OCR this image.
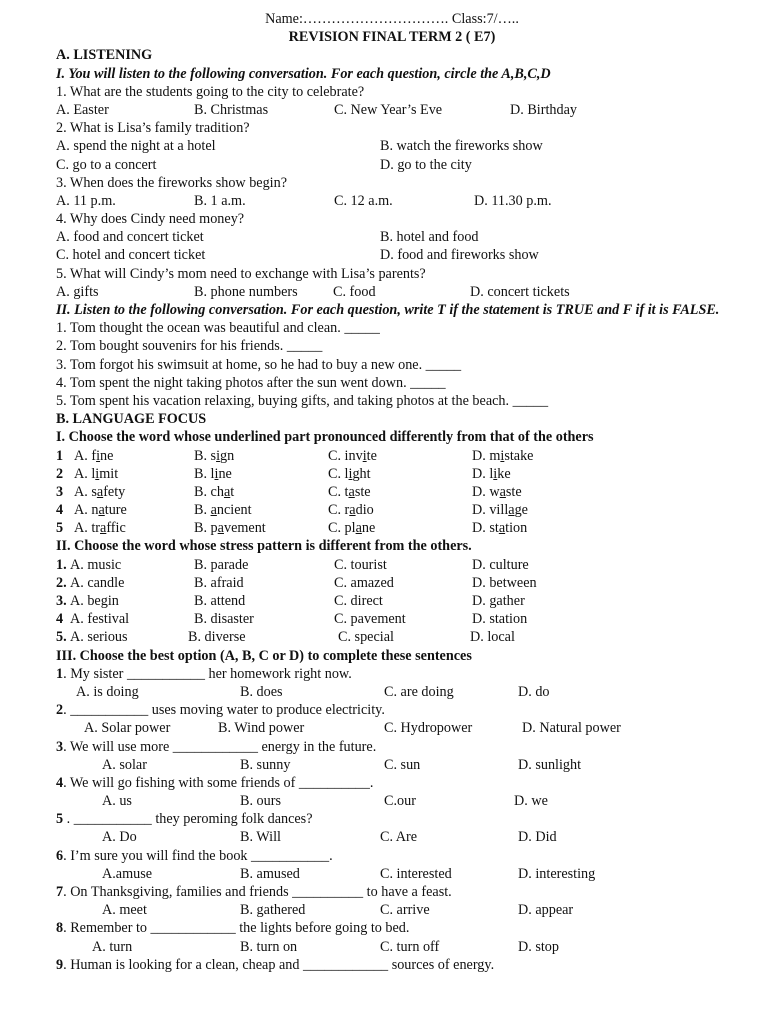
Name:…………………………. Class:7/…..
REVISION FINAL TERM 2 ( E7)
A. LISTENING
I. You will listen to the following conversation. For each question, circle the A,B,C,D
1. What are the students going to the city to celebrate?
A. Easter	B. Christmas	C. New Year’s Eve	D. Birthday
2. What is Lisa’s family tradition?
A. spend the night at a hotel	B. watch the fireworks show
C. go to a concert	D. go to the city
3. When does the fireworks show begin?
A. 11 p.m.	B. 1 a.m.	C. 12 a.m.	D. 11.30 p.m.
4. Why does Cindy need money?
A. food and concert ticket	B. hotel and food
C. hotel and concert ticket	D. food and fireworks show
5. What will Cindy’s mom need to exchange with Lisa’s parents?
A. gifts	B. phone numbers C. food	D. concert tickets
II. Listen to the following conversation. For each question, write T if the statement is TRUE and F if it is FALSE.
1. Tom thought the ocean was beautiful and clean. _____
2. Tom bought souvenirs for his friends. _____
3. Tom forgot his swimsuit at home, so he had to buy a new one. _____
4. Tom spent the night taking photos after the sun went down. _____
5. Tom spent his vacation relaxing, buying gifts, and taking photos at the beach. _____
B. LANGUAGE FOCUS
I. Choose the word whose underlined part pronounced differently from that of the others
1 A. fine	B. sign	C. invite	D. mistake
2 A. limit	B. line	C. light	D. like
3 A. safety	B. chat	C. taste	D. waste
4 A. nature	B. ancient	C. radio	D. village
5 A. traffic	B. pavement	C. plane	D. station
II. Choose the word whose stress pattern is different from the others.
1. A. music	B. parade	C. tourist	D. culture
2. A. candle	B. afraid	C. amazed	D. between
3. A. begin	B. attend	C. direct	D. gather
4 A. festival	B. disaster	C. pavement	D. station
5. A. serious	B. diverse	C. special	D. local
III. Choose the best option (A, B, C or D) to complete these sentences
1. My sister ___________ her homework right now.
A. is doing	B. does	C. are doing	D. do
2. ___________ uses moving water to produce electricity.
A. Solar power	B. Wind power	C. Hydropower	D. Natural power
3. We will use more ____________ energy in the future.
A. solar	B. sunny	C. sun	D. sunlight
4. We will go fishing with some friends of __________.
A. us	B. ours	C.our	D. we
5 . ___________ they peroming folk dances?
A. Do	B. Will	C. Are	D. Did
6. I’m sure you will find the book ___________.
A.amuse	B. amused	C. interested	D. interesting
7. On Thanksgiving, families and friends __________ to have a feast.
A. meet	B. gathered	C. arrive	D. appear
8. Remember to ____________ the lights before going to bed.
A. turn	B. turn on	C. turn off	D. stop
9. Human is looking for a clean, cheap and ____________ sources of energy.
